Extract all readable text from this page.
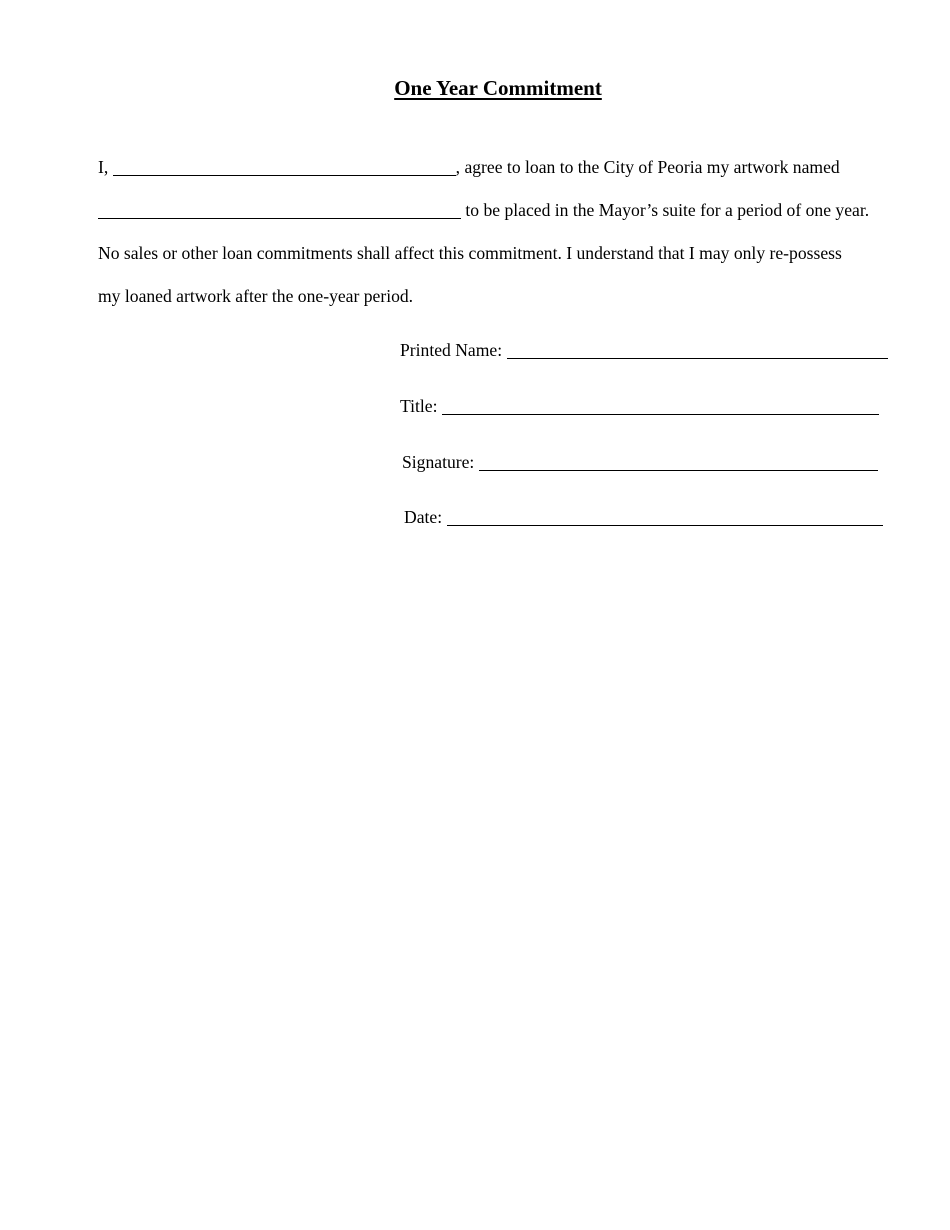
One Year Commitment

I,	, agree to loan to the City of Peoria my artwork named

to be placed in the Mayor’s suite for a period of one year.

No sales or other loan commitments shall affect this commitment. I understand that I may only re-possess

my loaned artwork after the one-year period.

Printed Name:
Title:
Signature:
Date:
